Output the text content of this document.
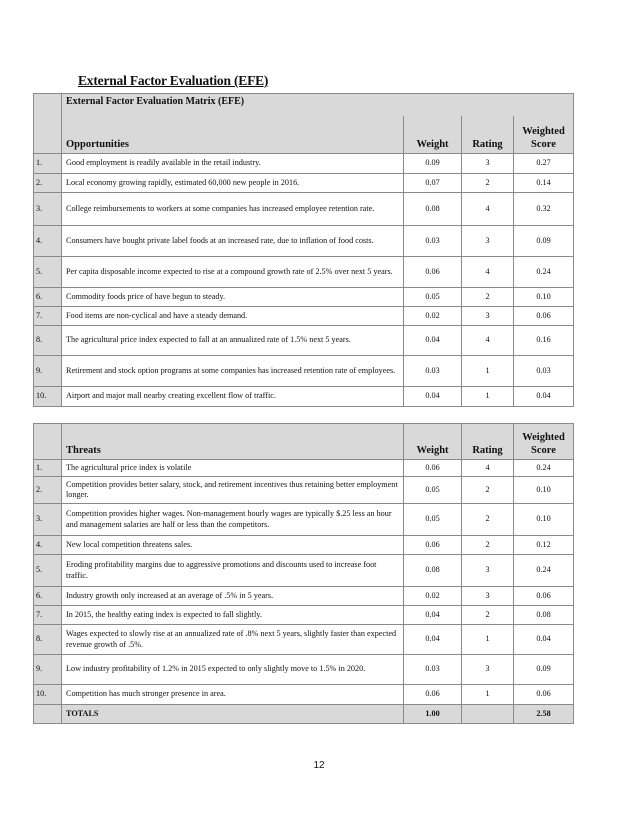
External Factor Evaluation (EFE)
	External Factor Evaluation Matrix (EFE)			
	Opportunities	Weight	Rating	Weighted
Score

1.	Good employment is readily available in the retail industry.	0.09	3	0.27
2.	Local economy growing rapidly, estimated 60,000 new people in 2016.	0.07	2	0.14
3.	College reimbursements to workers at some companies has increased employee retention rate.	0.08	4	0.32
4.	Consumers have bought private label foods at an increased rate, due to inflation of food costs.	0.03	3	0.09
5.	Per capita disposable income expected to rise at a compound growth rate of 2.5% over next 5 years.	0.06	4	0.24
6.	Commodity foods price of have begun to steady.	0.05	2	0.10
7.	Food items are non-cyclical and have a steady demand.	0.02	3	0.06
8.	The agricultural price index expected to fall at an annualized rate of 1.5% next 5 years.	0.04	4	0.16
9.	Retirement and stock option programs at some companies has increased retention rate of employees.	0.03	1	0.03
10.	Airport and major mall nearby creating excellent flow of traffic.	0.04	1	0.04
	Threats	Weight	Rating	Weighted
Score

1.	The agricultural price index is volatile	0.06	4	0.24
2.	Competition provides better salary, stock, and retirement incentives thus retaining better employment longer.	0.05	2	0.10
3.	Competition provides higher wages. Non-management hourly wages are typically $.25 less an hour and management salaries are half or less than the competitors.	0.05	2	0.10
4.	New local competition threatens sales.	0.06	2	0.12
5.	Eroding profitability margins due to aggressive promotions and discounts used to increase foot traffic.	0.08	3	0.24
6.	Industry growth only increased at an average of .5% in 5 years.	0.02	3	0.06
7.	In 2015, the healthy eating index is expected to fall slightly.	0.04	2	0.08
8.	Wages expected to slowly rise at an annualized rate of .8% next 5 years, slightly faster than expected revenue growth of .5%.	0.04	1	0.04
9.	Low industry profitability of 1.2% in 2015 expected to only slightly move to 1.5% in 2020.	0.03	3	0.09
10.	Competition has much stronger presence in area.	0.06	1	0.06
	TOTALS	1.00		2.58
12
